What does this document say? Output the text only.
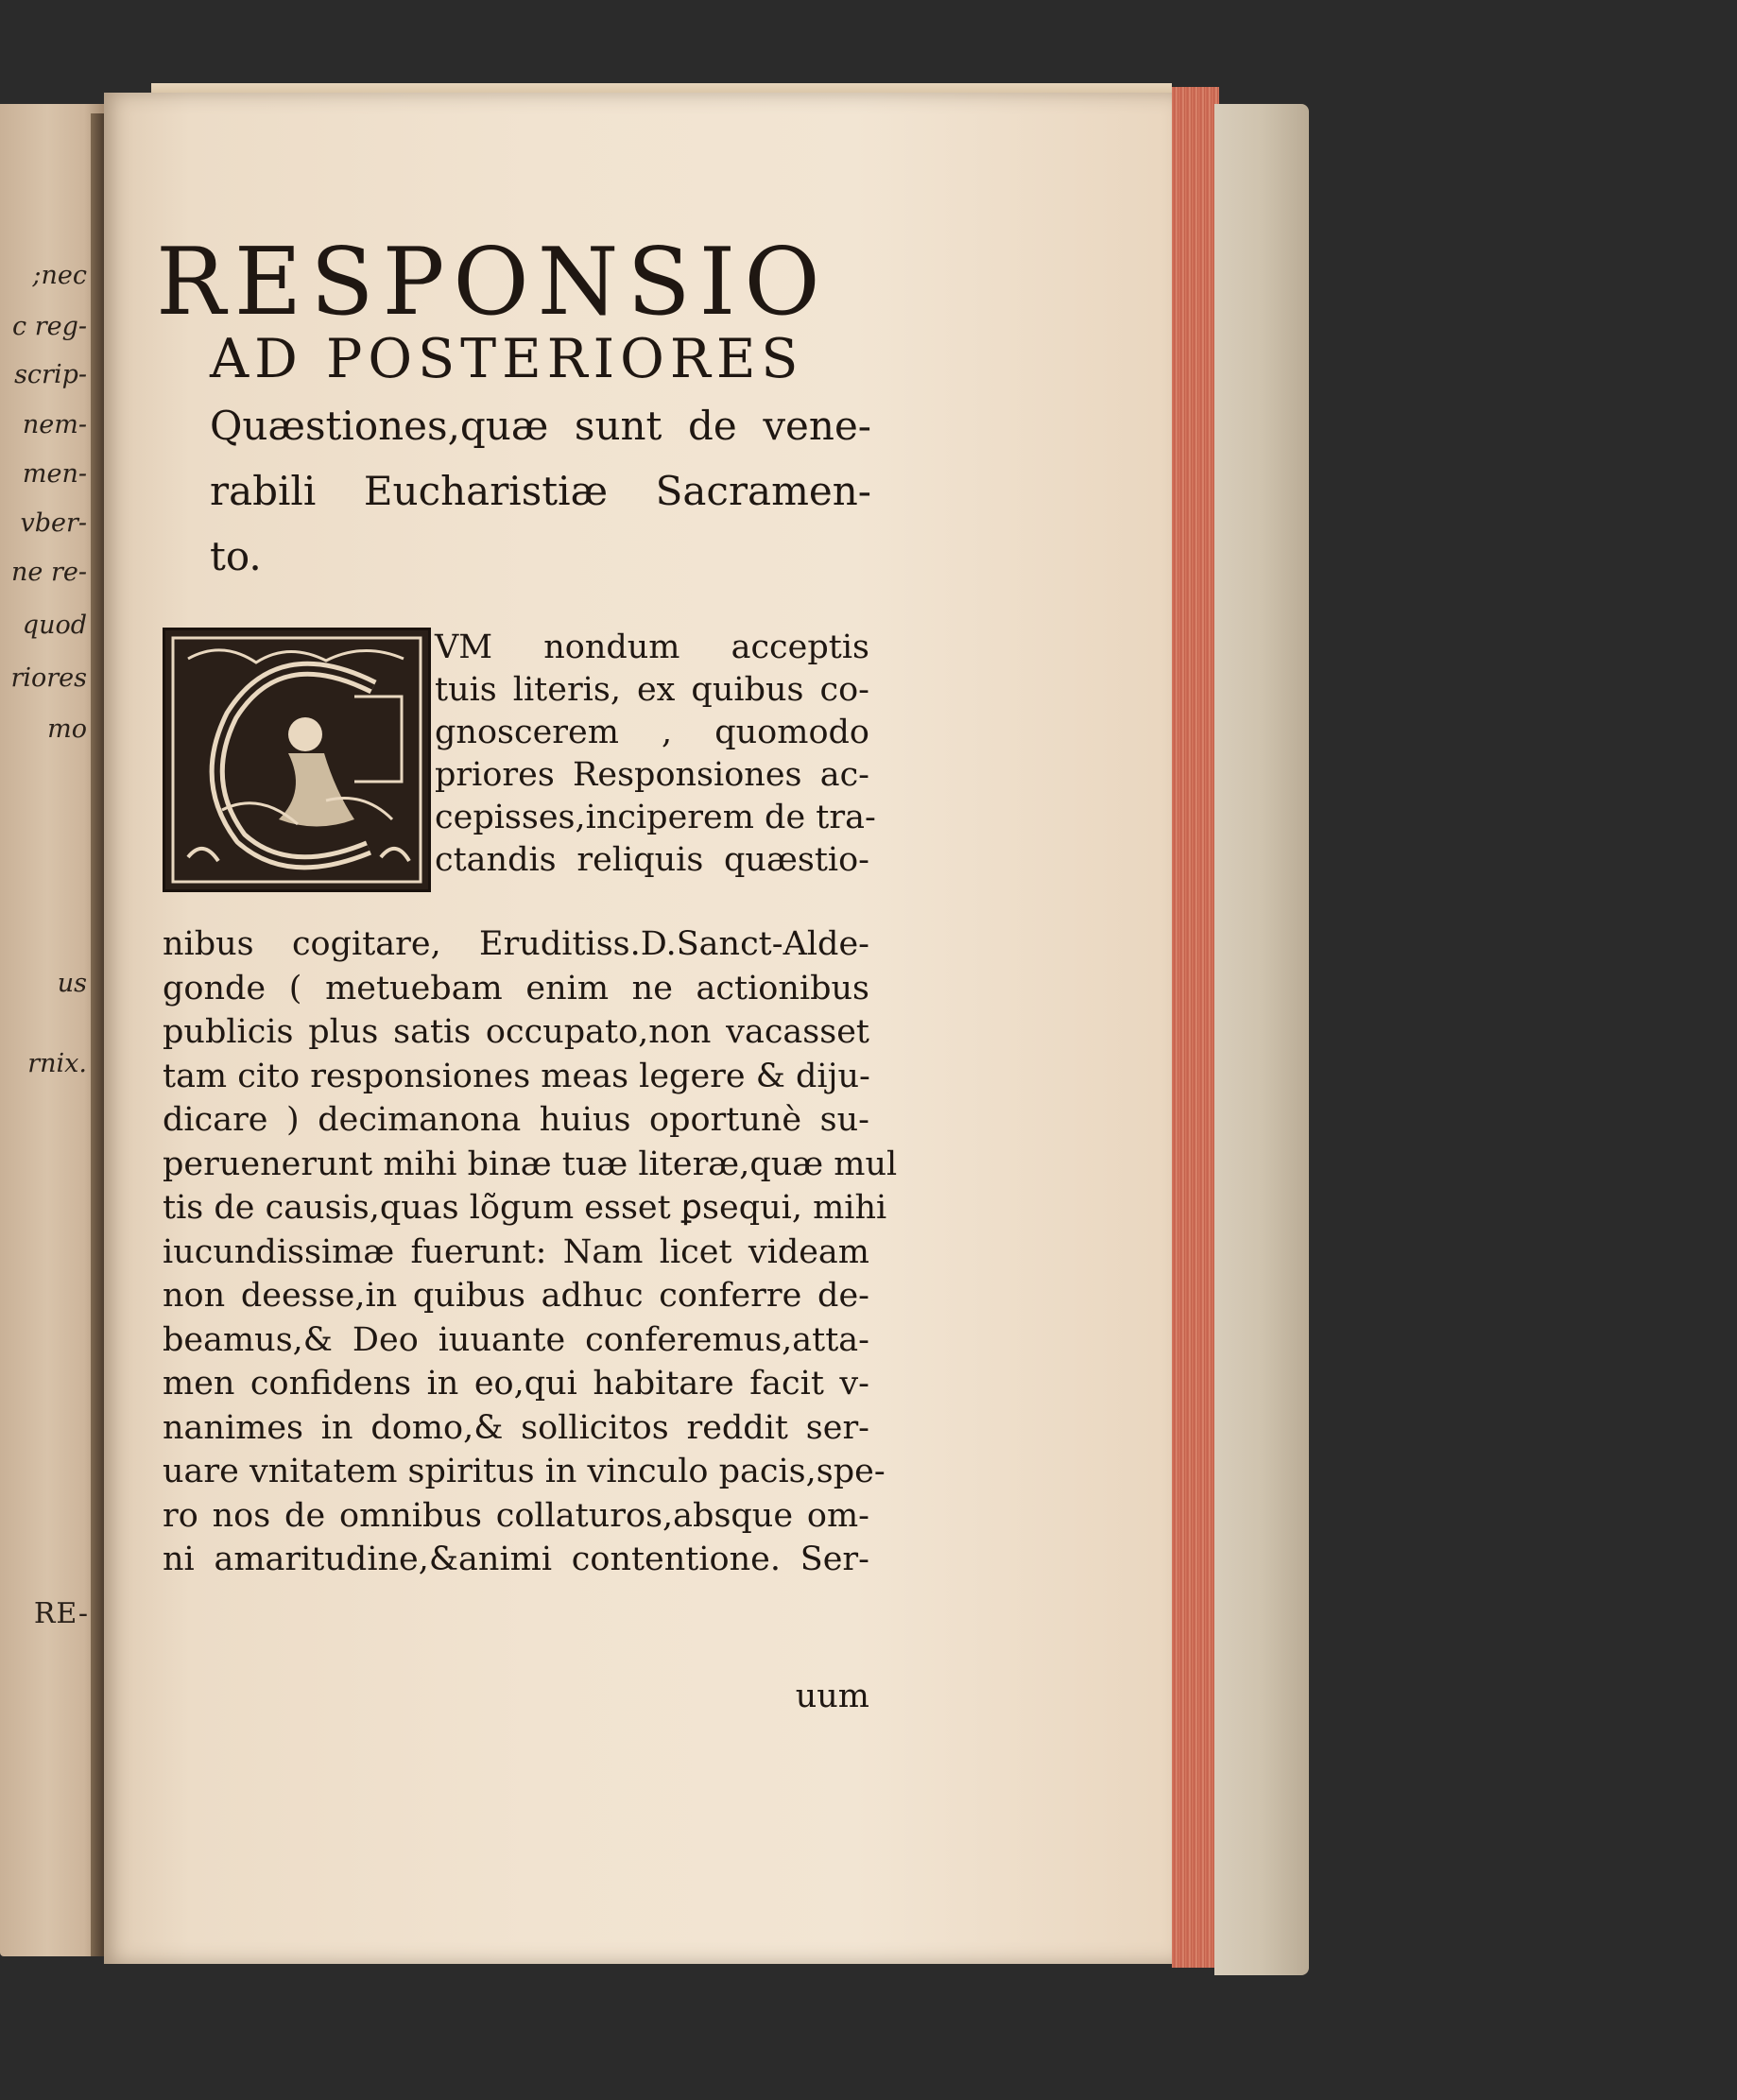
;nec
c reg-
scrip-
nem-
men-
vber-
ne re-
quod
riores
mo
us
rnix.
RE-
RESPONSIO
AD POSTERIORES
Quæstiones,quæ sunt de vene-
rabili Eucharistiæ Sacramen-
to.
VM nondum acceptis
tuis literis, ex quibus co-
gnoscerem , quomodo
priores Responsiones ac-
cepisses,inciperem de tra-
ctandis reliquis quæstio-
nibus cogitare, Eruditiss.D.Sanct-Alde-
gonde ( metuebam enim ne actionibus
publicis plus satis occupato,non vacasset
tam cito responsiones meas legere & diju-
dicare ) decimanona huius oportunè su-
peruenerunt mihi binæ tuæ literæ,quæ mul
tis de causis,quas lõgum esset ꝑsequi, mihi
iucundissimæ fuerunt: Nam licet videam
non deesse,in quibus adhuc conferre de-
beamus,& Deo iuuante conferemus,atta-
men confidens in eo,qui habitare facit v-
nanimes in domo,& sollicitos reddit ser-
uare vnitatem spiritus in vinculo pacis,spe-
ro nos de omnibus collaturos,absque om-
ni amaritudine,&animi contentione. Ser-
uum
